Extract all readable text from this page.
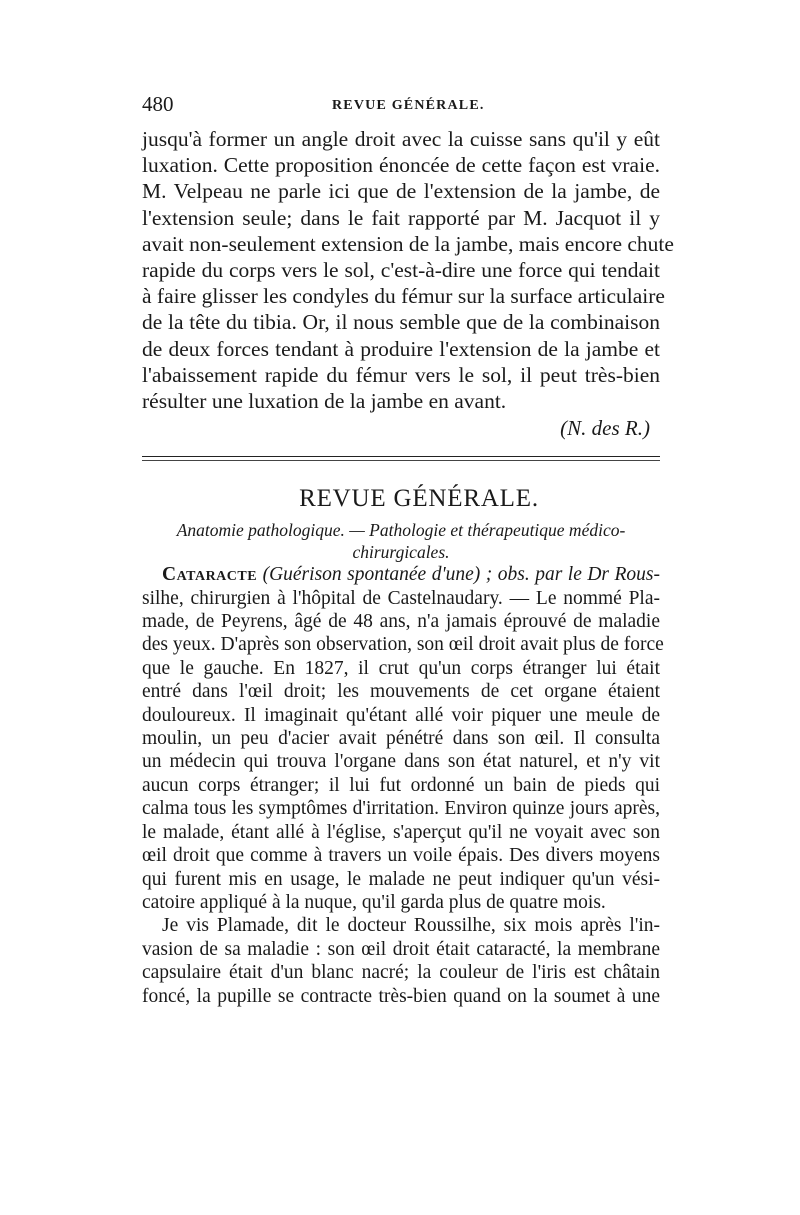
480	REVUE GÉNÉRALE.
jusqu'à former un angle droit avec la cuisse sans qu'il y eût
luxation. Cette proposition énoncée de cette façon est vraie.
M. Velpeau ne parle ici que de l'extension de la jambe, de
l'extension seule; dans le fait rapporté par M. Jacquot il y
avait non-seulement extension de la jambe, mais encore chute
rapide du corps vers le sol, c'est-à-dire une force qui tendait
à faire glisser les condyles du fémur sur la surface articulaire
de la tête du tibia. Or, il nous semble que de la combinaison
de deux forces tendant à produire l'extension de la jambe et
l'abaissement rapide du fémur vers le sol, il peut très-bien
résulter une luxation de la jambe en avant.
(N. des R.)
REVUE GÉNÉRALE.
Anatomie pathologique. — Pathologie et thérapeutique médico-
chirurgicales.
Cataracte (Guérison spontanée d'une) ; obs. par le Dr Rous-
silhe, chirurgien à l'hôpital de Castelnaudary. — Le nommé Pla-
made, de Peyrens, âgé de 48 ans, n'a jamais éprouvé de maladie
des yeux. D'après son observation, son œil droit avait plus de force
que le gauche. En 1827, il crut qu'un corps étranger lui était
entré dans l'œil droit; les mouvements de cet organe étaient
douloureux. Il imaginait qu'étant allé voir piquer une meule de
moulin, un peu d'acier avait pénétré dans son œil. Il consulta
un médecin qui trouva l'organe dans son état naturel, et n'y vit
aucun corps étranger; il lui fut ordonné un bain de pieds qui
calma tous les symptômes d'irritation. Environ quinze jours après,
le malade, étant allé à l'église, s'aperçut qu'il ne voyait avec son
œil droit que comme à travers un voile épais. Des divers moyens
qui furent mis en usage, le malade ne peut indiquer qu'un vési-
catoire appliqué à la nuque, qu'il garda plus de quatre mois.
Je vis Plamade, dit le docteur Roussilhe, six mois après l'in-
vasion de sa maladie : son œil droit était cataracté, la membrane
capsulaire était d'un blanc nacré; la couleur de l'iris est châtain
foncé, la pupille se contracte très-bien quand on la soumet à une
